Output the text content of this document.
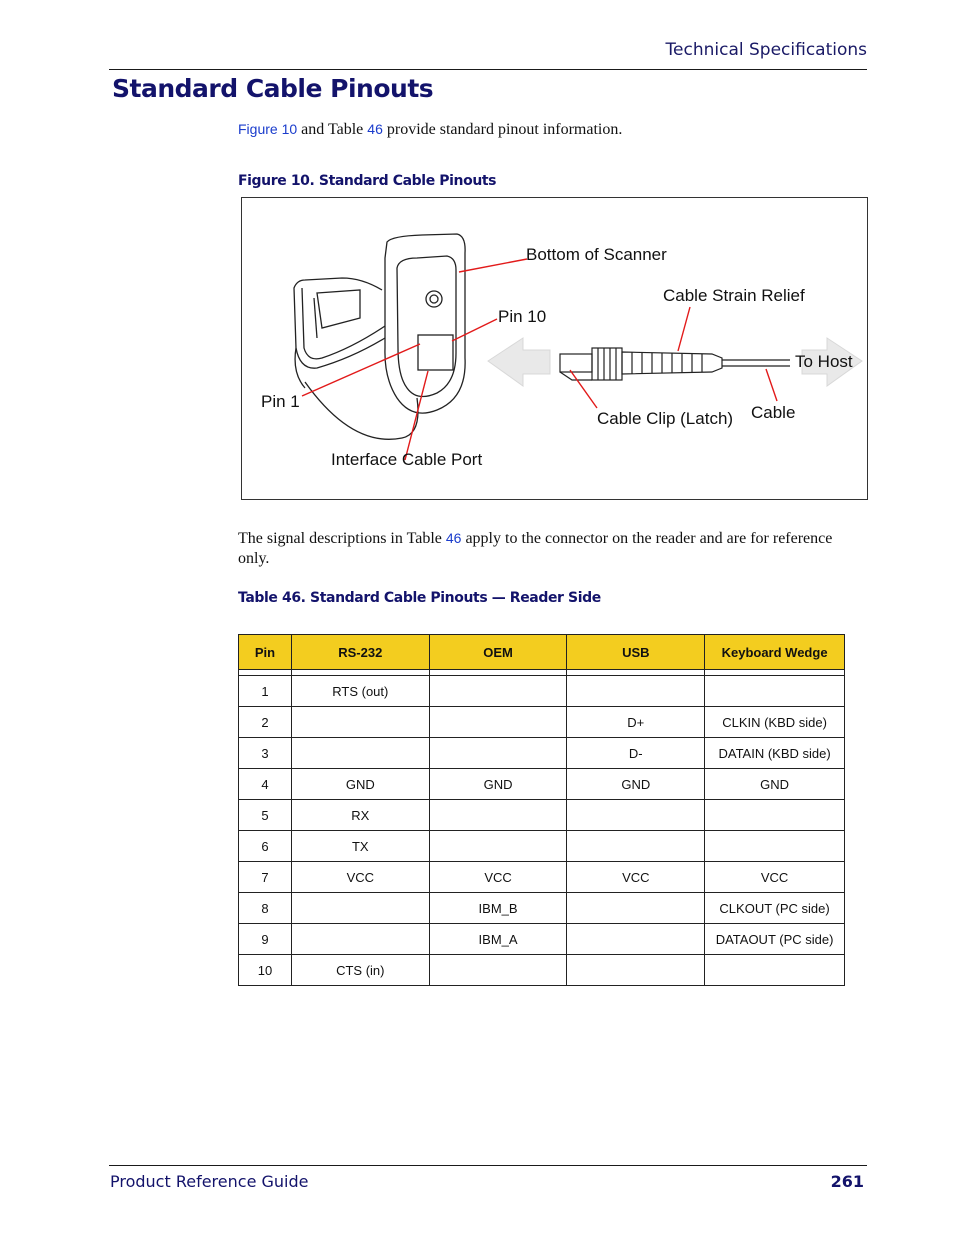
Technical Specifications
Standard Cable Pinouts
Figure 10 and Table 46 provide standard pinout information.
Figure 10. Standard Cable Pinouts
Bottom of Scanner
Cable Strain Relief
Pin 10
To Host
Pin 1
Cable Clip (Latch) Cable
Interface Cable Port
The signal descriptions in Table 46 apply to the connector on the reader and are for reference only.
Table 46. Standard Cable Pinouts — Reader Side
Pin	RS-232	OEM	USB	Keyboard Wedge

1	RTS (out)			
2			D+	CLKIN (KBD side)
3			D-	DATAIN (KBD side)
4	GND	GND	GND	GND
5	RX			
6	TX			
7	VCC	VCC	VCC	VCC
8		IBM_B		CLKOUT (PC side)
9		IBM_A		DATAOUT (PC side)
10	CTS (in)			
Product Reference Guide	261
